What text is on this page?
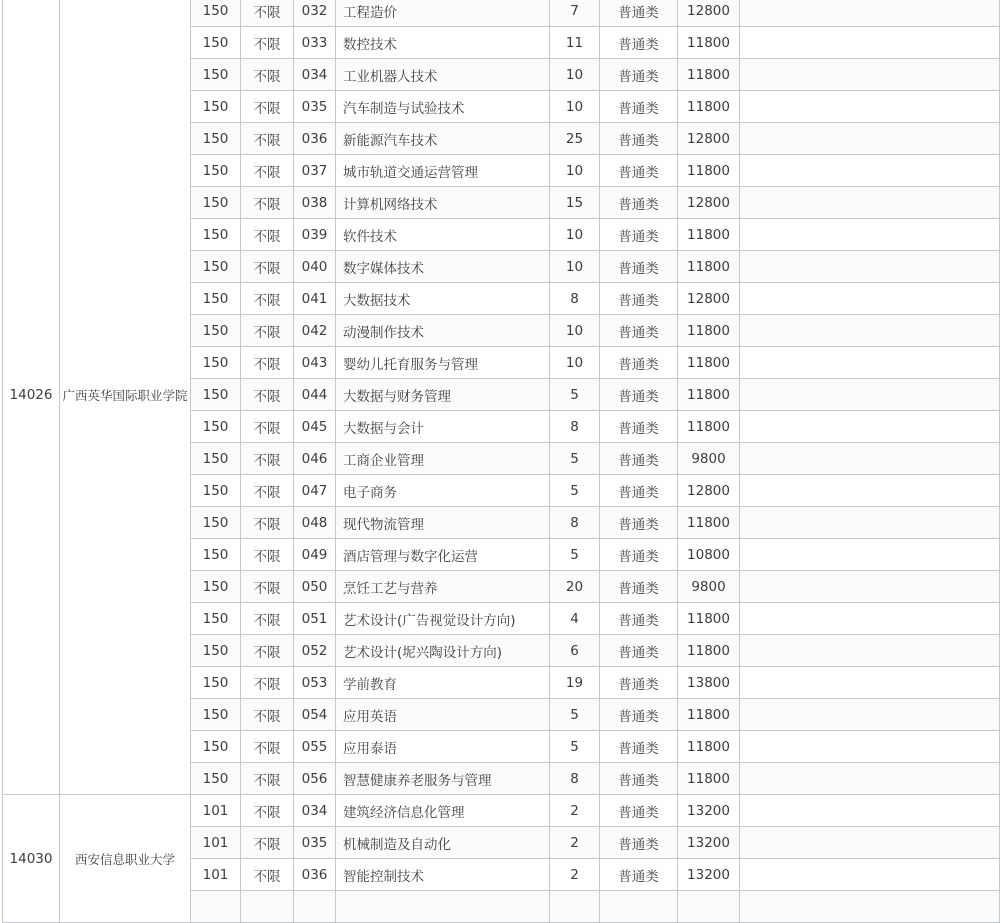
14026	广西英华国际职业学院	150	不限	032	工程造价	7	普通类	12800	
		150	不限	033	数控技术	11	普通类	11800	
		150	不限	034	工业机器人技术	10	普通类	11800	
		150	不限	035	汽车制造与试验技术	10	普通类	11800	
		150	不限	036	新能源汽车技术	25	普通类	12800	
		150	不限	037	城市轨道交通运营管理	10	普通类	11800	
		150	不限	038	计算机网络技术	15	普通类	12800	
		150	不限	039	软件技术	10	普通类	11800	
		150	不限	040	数字媒体技术	10	普通类	11800	
		150	不限	041	大数据技术	8	普通类	12800	
		150	不限	042	动漫制作技术	10	普通类	11800	
		150	不限	043	婴幼儿托育服务与管理	10	普通类	11800	
		150	不限	044	大数据与财务管理	5	普通类	11800	
		150	不限	045	大数据与会计	8	普通类	11800	
		150	不限	046	工商企业管理	5	普通类	9800	
		150	不限	047	电子商务	5	普通类	12800	
		150	不限	048	现代物流管理	8	普通类	11800	
		150	不限	049	酒店管理与数字化运营	5	普通类	10800	
		150	不限	050	烹饪工艺与营养	20	普通类	9800	
		150	不限	051	艺术设计(广告视觉设计方向)	4	普通类	11800	
		150	不限	052	艺术设计(坭兴陶设计方向)	6	普通类	11800	
		150	不限	053	学前教育	19	普通类	13800	
		150	不限	054	应用英语	5	普通类	11800	
		150	不限	055	应用泰语	5	普通类	11800	
		150	不限	056	智慧健康养老服务与管理	8	普通类	11800	
14030	西安信息职业大学	101	不限	034	建筑经济信息化管理	2	普通类	13200	
		101	不限	035	机械制造及自动化	2	普通类	13200	
		101	不限	036	智能控制技术	2	普通类	13200	
